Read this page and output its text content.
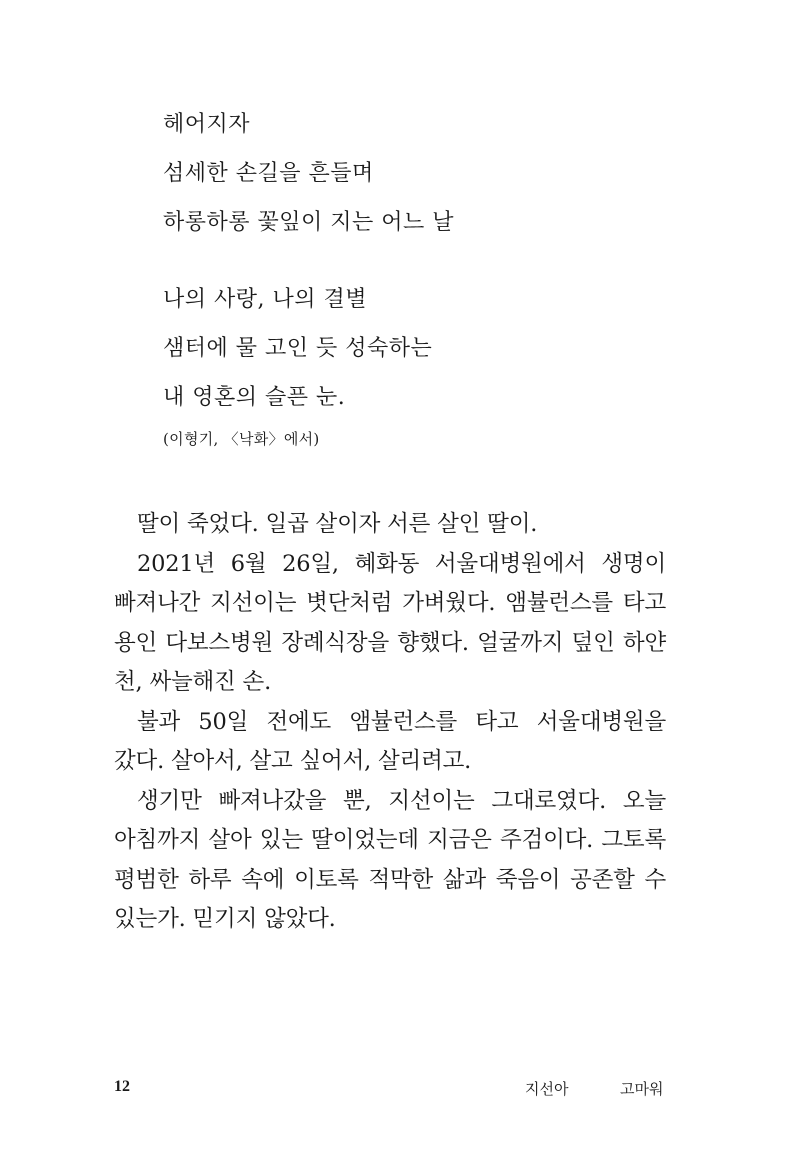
헤어지자
섬세한 손길을 흔들며
하롱하롱 꽃잎이 지는 어느 날
나의 사랑, 나의 결별
샘터에 물 고인 듯 성숙하는
내 영혼의 슬픈 눈.
(이형기, 〈낙화〉에서)

딸이 죽었다. 일곱 살이자 서른 살인 딸이.

2021년 6월 26일, 혜화동 서울대병원에서 생명이 빠져나간 지선이는 볏단처럼 가벼웠다. 앰뷸런스를 타고 용인 다보스병원 장례식장을 향했다. 얼굴까지 덮인 하얀 천, 싸늘해진 손.

불과 50일 전에도 앰뷸런스를 타고 서울대병원을 갔다. 살아서, 살고 싶어서, 살리려고.

생기만 빠져나갔을 뿐, 지선이는 그대로였다. 오늘 아침까지 살아 있는 딸이었는데 지금은 주검이다. 그토록 평범한 하루 속에 이토록 적막한 삶과 죽음이 공존할 수 있는가. 믿기지 않았다.

12	지선아	고마워
